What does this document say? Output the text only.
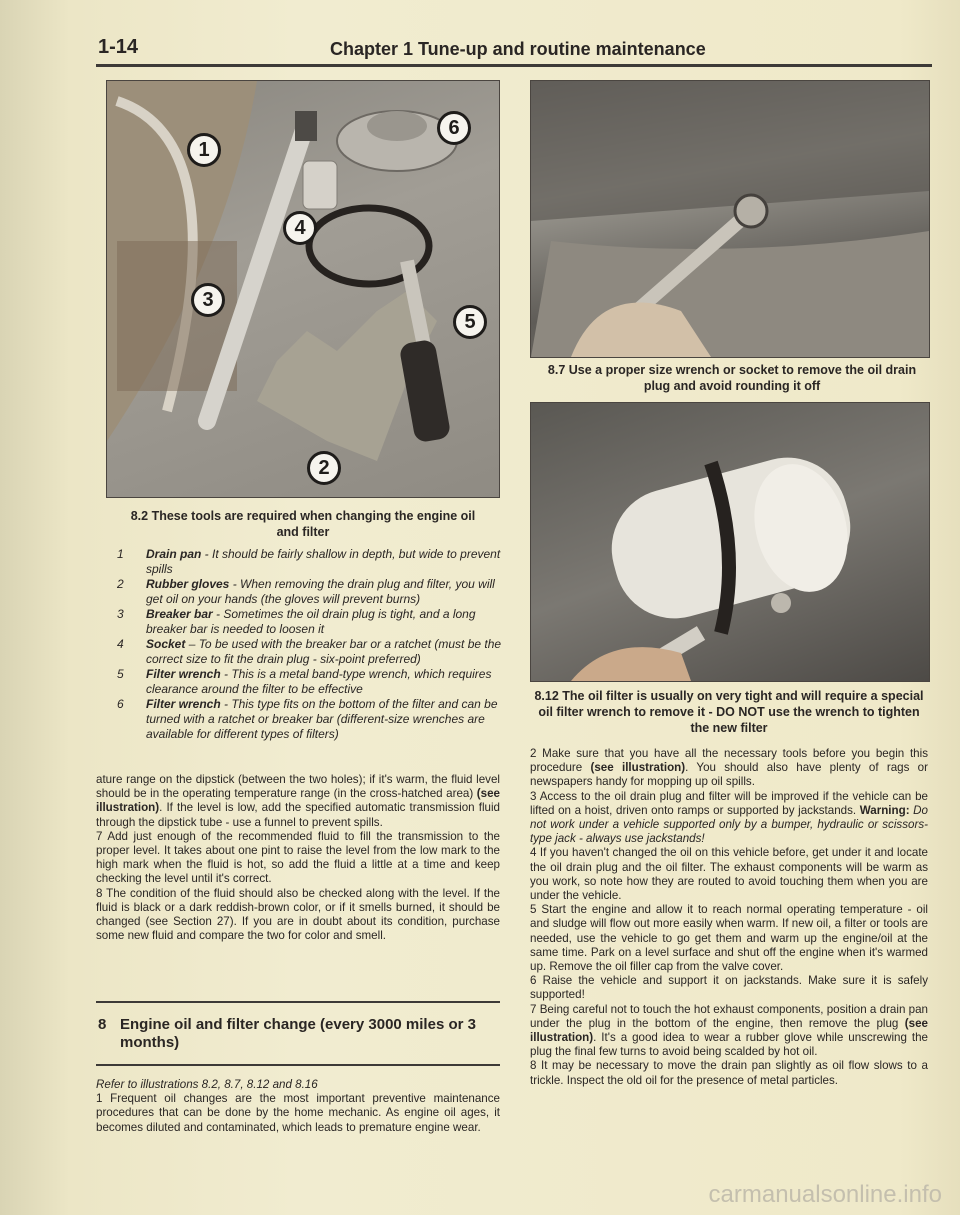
1-14	Chapter 1 Tune-up and routine maintenance
1
6
4
3
5
2
8.2 These tools are required when changing the engine oil and filter
1 Drain pan - It should be fairly shallow in depth, but wide to prevent spills
2 Rubber gloves - When removing the drain plug and filter, you will get oil on your hands (the gloves will prevent burns)
3 Breaker bar - Sometimes the oil drain plug is tight, and a long breaker bar is needed to loosen it
4 Socket – To be used with the breaker bar or a ratchet (must be the correct size to fit the drain plug - six-point preferred)
5 Filter wrench - This is a metal band-type wrench, which requires clearance around the filter to be effective
6 Filter wrench - This type fits on the bottom of the filter and can be turned with a ratchet or breaker bar (different-size wrenches are available for different types of filters)

ature range on the dipstick (between the two holes); if it's warm, the fluid level should be in the operating temperature range (in the cross-hatched area) (see illustration). If the level is low, add the specified automatic transmission fluid through the dipstick tube - use a funnel to prevent spills.

7 Add just enough of the recommended fluid to fill the transmission to the proper level. It takes about one pint to raise the level from the low mark to the high mark when the fluid is hot, so add the fluid a little at a time and keep checking the level until it's correct.

8 The condition of the fluid should also be checked along with the level. If the fluid is black or a dark reddish-brown color, or if it smells burned, it should be changed (see Section 27). If you are in doubt about its condition, purchase some new fluid and compare the two for color and smell.

8 Engine oil and filter change (every 3000 miles or 3 months)

Refer to illustrations 8.2, 8.7, 8.12 and 8.16

1 Frequent oil changes are the most important preventive maintenance procedures that can be done by the home mechanic. As engine oil ages, it becomes diluted and contaminated, which leads to premature engine wear.

8.7 Use a proper size wrench or socket to remove the oil drain plug and avoid rounding it off
8.12 The oil filter is usually on very tight and will require a special oil filter wrench to remove it - DO NOT use the wrench to tighten the new filter

2 Make sure that you have all the necessary tools before you begin this procedure (see illustration). You should also have plenty of rags or newspapers handy for mopping up oil spills.

3 Access to the oil drain plug and filter will be improved if the vehicle can be lifted on a hoist, driven onto ramps or supported by jackstands. Warning: Do not work under a vehicle supported only by a bumper, hydraulic or scissors-type jack - always use jackstands!

4 If you haven't changed the oil on this vehicle before, get under it and locate the oil drain plug and the oil filter. The exhaust components will be warm as you work, so note how they are routed to avoid touching them when you are under the vehicle.

5 Start the engine and allow it to reach normal operating temperature - oil and sludge will flow out more easily when warm. If new oil, a filter or tools are needed, use the vehicle to go get them and warm up the engine/oil at the same time. Park on a level surface and shut off the engine when it's warmed up. Remove the oil filler cap from the valve cover.

6 Raise the vehicle and support it on jackstands. Make sure it is safely supported!

7 Being careful not to touch the hot exhaust components, position a drain pan under the plug in the bottom of the engine, then remove the plug (see illustration). It's a good idea to wear a rubber glove while unscrewing the plug the final few turns to avoid being scalded by hot oil.

8 It may be necessary to move the drain pan slightly as oil flow slows to a trickle. Inspect the old oil for the presence of metal particles.

carmanualsonline.info
